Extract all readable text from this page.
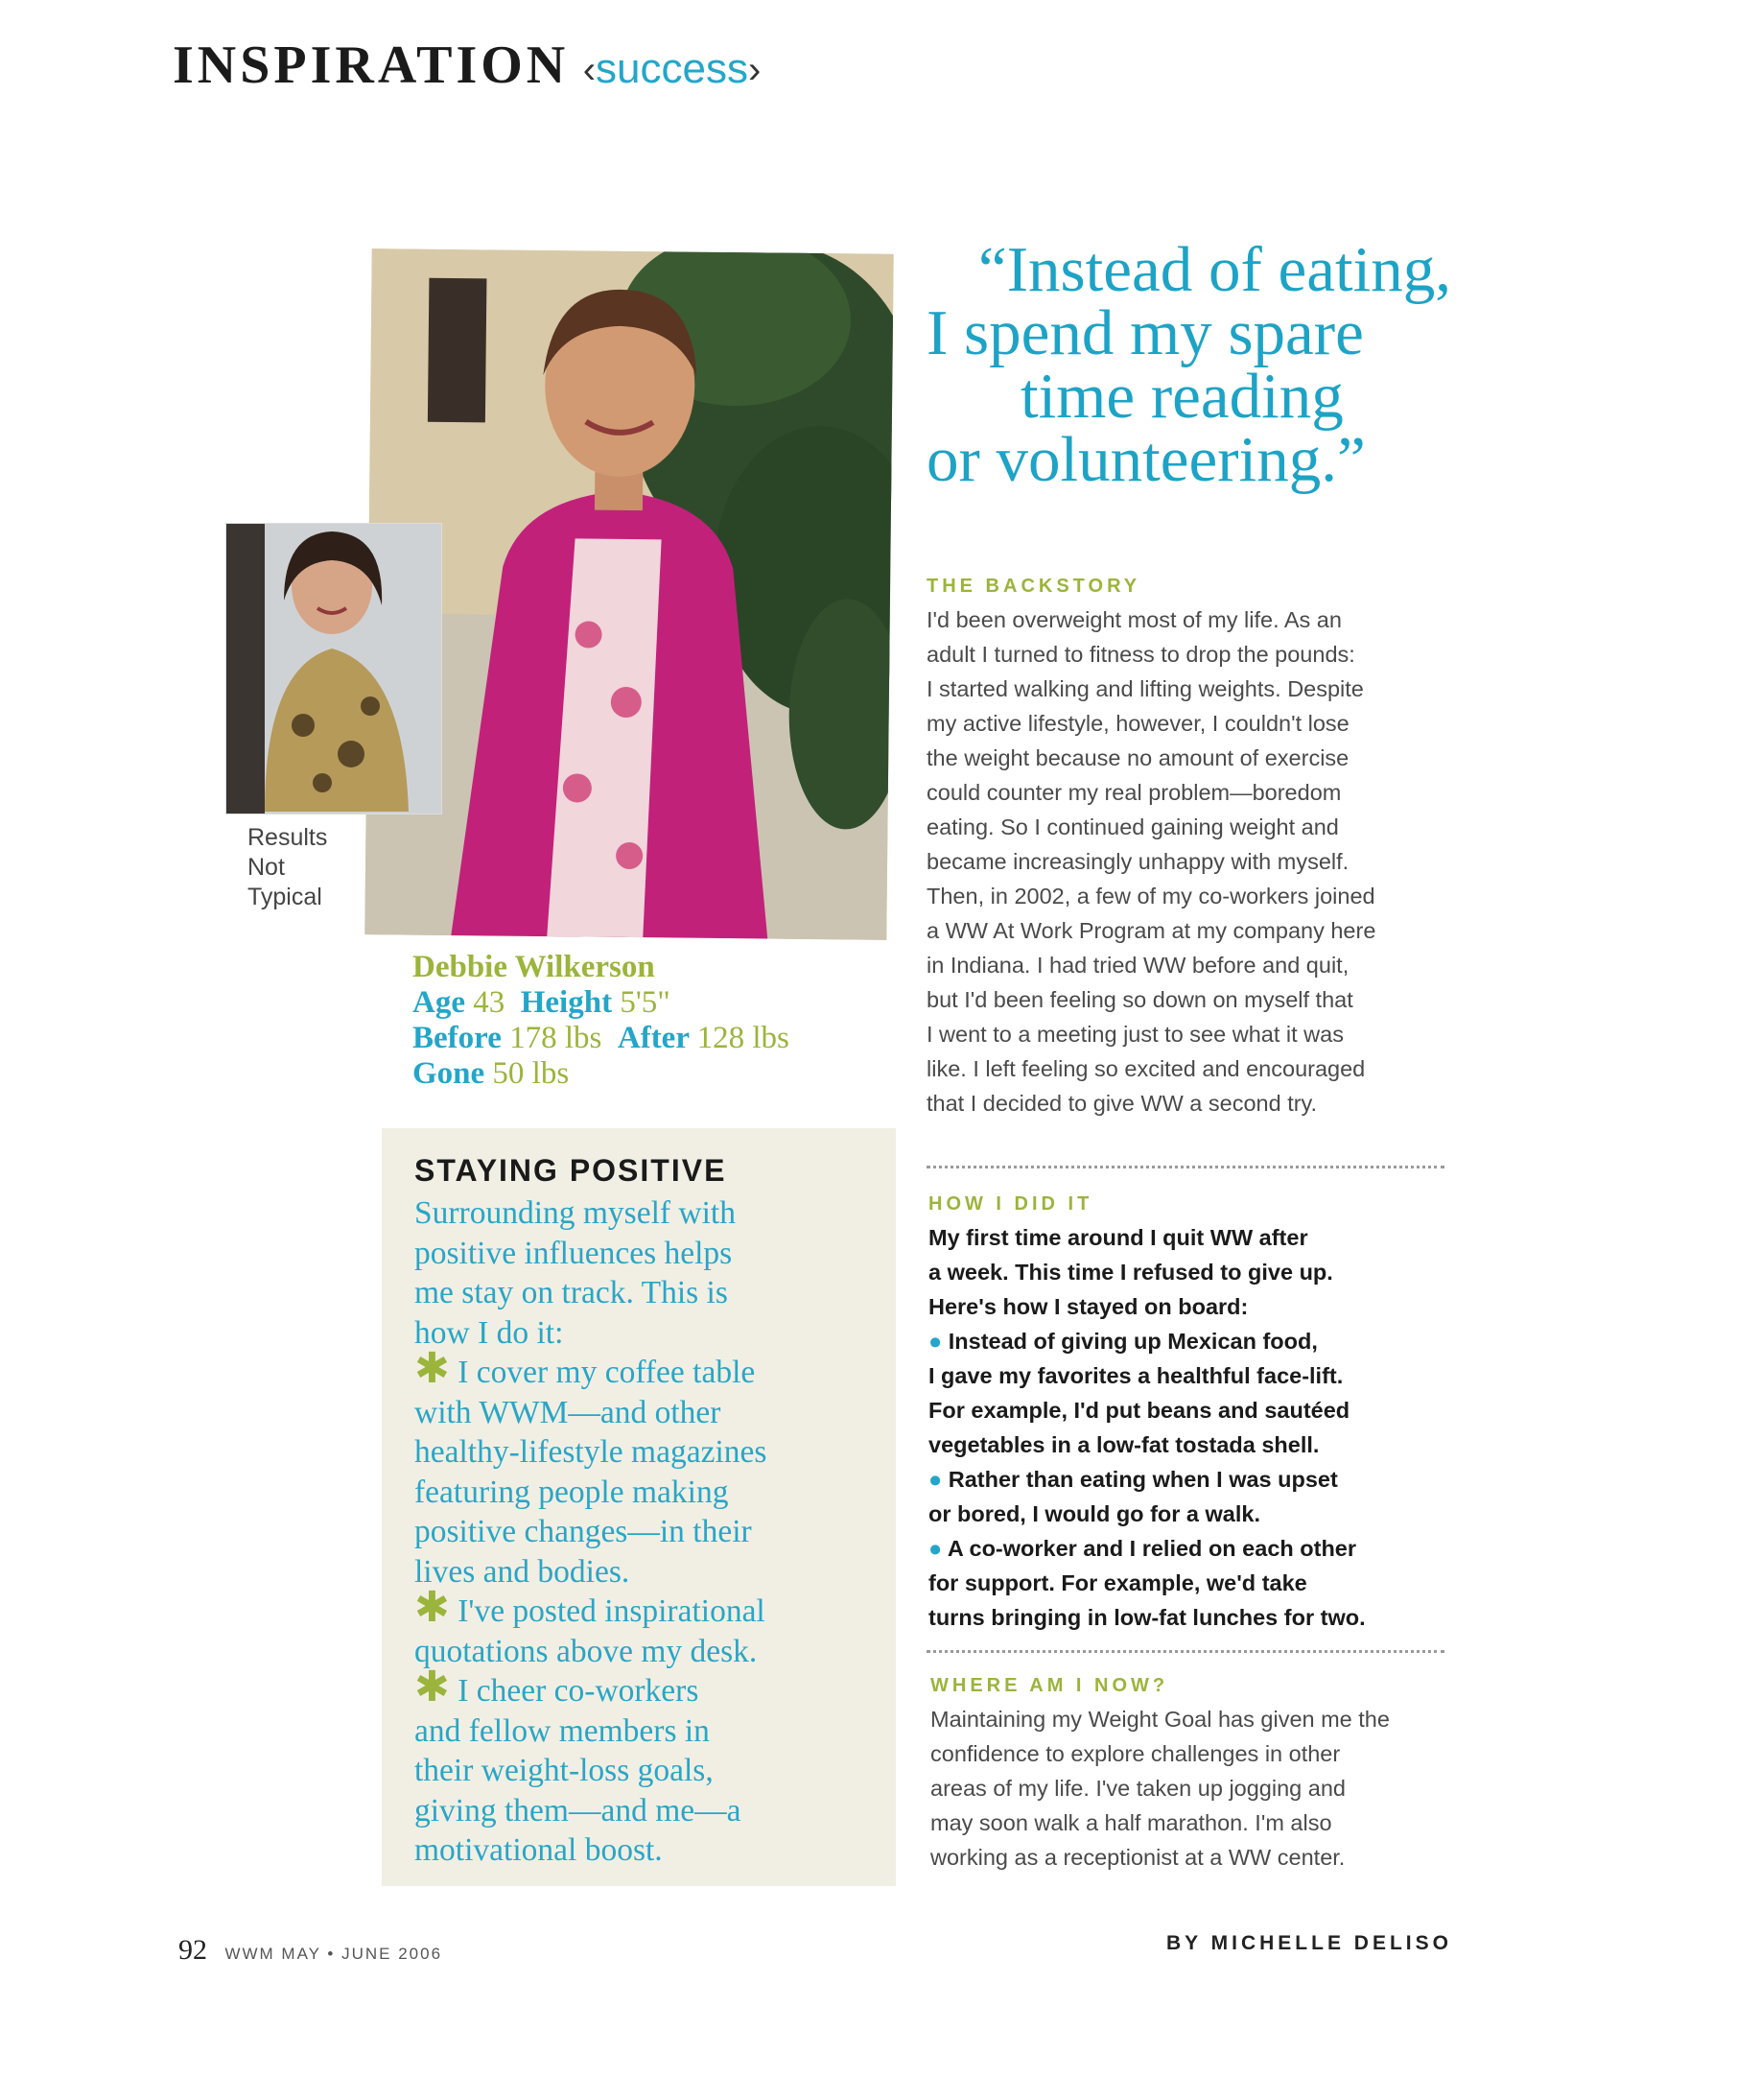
INSPIRATION ‹success›
Results
Not
Typical
Debbie Wilkerson
Age 43 Height 5'5"
Before 178 lbs After 128 lbs
Gone 50 lbs
“Instead of eating,
I spend my spare
time reading
or volunteering.”
STAYING POSITIVE
Surrounding myself with
positive influences helps
me stay on track. This is
how I do it:
✱ I cover my coffee table
with WWM—and other
healthy-lifestyle magazines
featuring people making
positive changes—in their
lives and bodies.
✱ I've posted inspirational
quotations above my desk.
✱ I cheer co-workers
and fellow members in
their weight-loss goals,
giving them—and me—a
motivational boost.
THE BACKSTORY
I'd been overweight most of my life. As an
adult I turned to fitness to drop the pounds:
I started walking and lifting weights. Despite
my active lifestyle, however, I couldn't lose
the weight because no amount of exercise
could counter my real problem—boredom
eating. So I continued gaining weight and
became increasingly unhappy with myself.
Then, in 2002, a few of my co-workers joined
a WW At Work Program at my company here
in Indiana. I had tried WW before and quit,
but I'd been feeling so down on myself that
I went to a meeting just to see what it was
like. I left feeling so excited and encouraged
that I decided to give WW a second try.
HOW I DID IT
My first time around I quit WW after
a week. This time I refused to give up.
Here's how I stayed on board:
● Instead of giving up Mexican food,
I gave my favorites a healthful face-lift.
For example, I'd put beans and sautéed
vegetables in a low-fat tostada shell.
● Rather than eating when I was upset
or bored, I would go for a walk.
● A co-worker and I relied on each other
for support. For example, we'd take
turns bringing in low-fat lunches for two.
WHERE AM I NOW?
Maintaining my Weight Goal has given me the
confidence to explore challenges in other
areas of my life. I've taken up jogging and
may soon walk a half marathon. I'm also
working as a receptionist at a WW center.
92 WWM MAY • JUNE 2006	BY MICHELLE DELISO
